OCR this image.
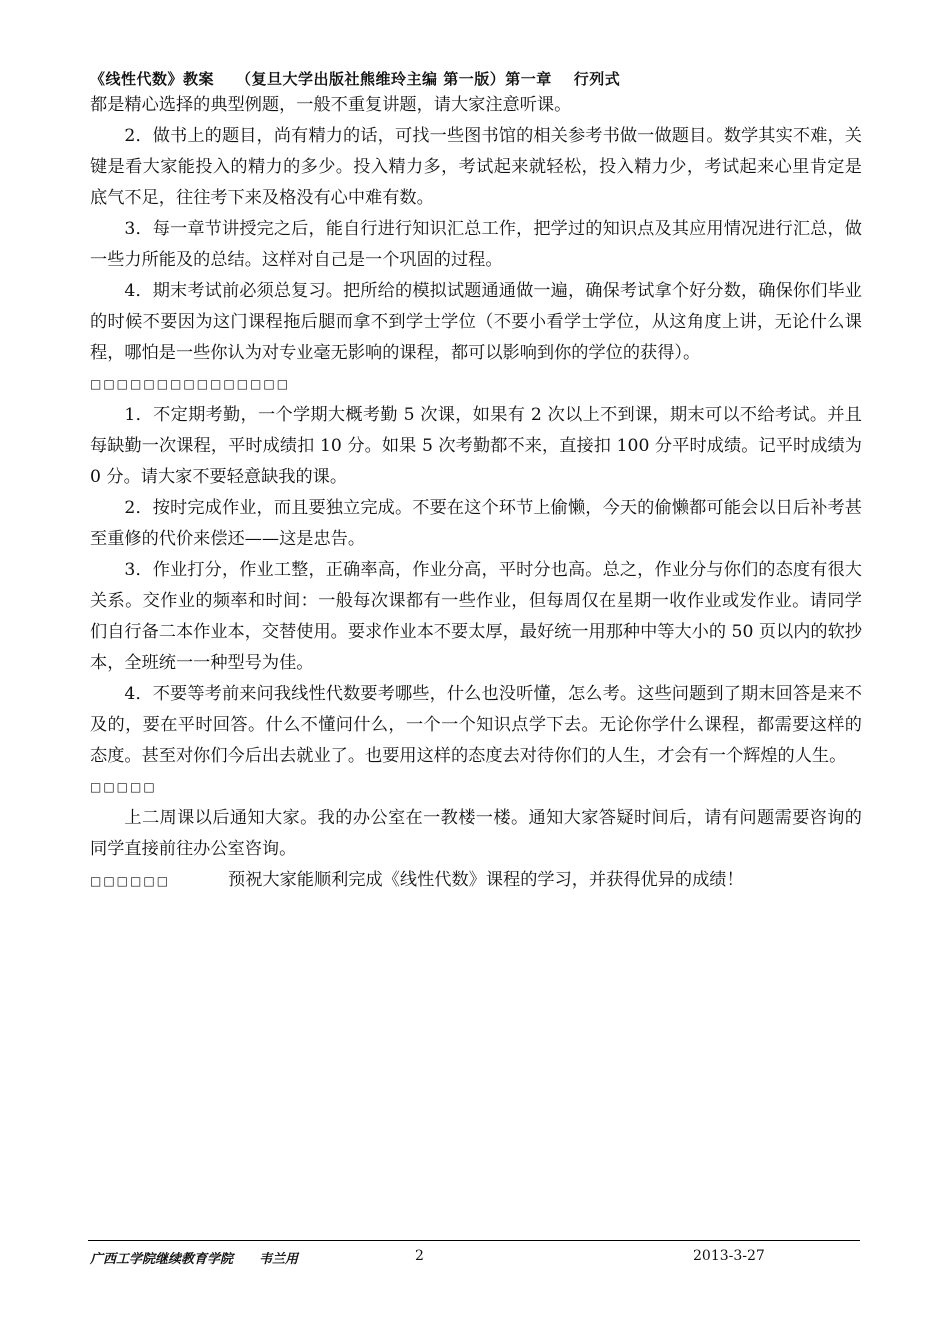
《线性代数》教案 （复旦大学出版社熊维玲主编 第一版）第一章 行列式

都是精心选择的典型例题，一般不重复讲题，请大家注意听课。

2．做书上的题目，尚有精力的话，可找一些图书馆的相关参考书做一做题目。数学其实不难，关键是看大家能投入的精力的多少。投入精力多，考试起来就轻松，投入精力少，考试起来心里肯定是底气不足，往往考下来及格没有心中难有数。

3．每一章节讲授完之后，能自行进行知识汇总工作，把学过的知识点及其应用情况进行汇总，做一些力所能及的总结。这样对自己是一个巩固的过程。

4．期末考试前必须总复习。把所给的模拟试题通通做一遍，确保考试拿个好分数，确保你们毕业的时候不要因为这门课程拖后腿而拿不到学士学位（不要小看学士学位，从这角度上讲，无论什么课程，哪怕是一些你认为对专业毫无影响的课程，都可以影响到你的学位的获得）。

□□□□□□□□□□□□□□□

1．不定期考勤，一个学期大概考勤 5 次课，如果有 2 次以上不到课，期末可以不给考试。并且每缺勤一次课程，平时成绩扣 10 分。如果 5 次考勤都不来，直接扣 100 分平时成绩。记平时成绩为 0 分。请大家不要轻意缺我的课。

2．按时完成作业，而且要独立完成。不要在这个环节上偷懒，今天的偷懒都可能会以日后补考甚至重修的代价来偿还——这是忠告。

3．作业打分，作业工整，正确率高，作业分高，平时分也高。总之，作业分与你们的态度有很大关系。交作业的频率和时间：一般每次课都有一些作业，但每周仅在星期一收作业或发作业。请同学们自行备二本作业本，交替使用。要求作业本不要太厚，最好统一用那种中等大小的 50 页以内的软抄本，全班统一一种型号为佳。

4．不要等考前来问我线性代数要考哪些，什么也没听懂，怎么考。这些问题到了期末回答是来不及的，要在平时回答。什么不懂问什么，一个一个知识点学下去。无论你学什么课程，都需要这样的态度。甚至对你们今后出去就业了。也要用这样的态度去对待你们的人生，才会有一个辉煌的人生。

□□□□□

上二周课以后通知大家。我的办公室在一教楼一楼。通知大家答疑时间后，请有问题需要咨询的同学直接前往办公室咨询。

□□□□□□	预祝大家能顺利完成《线性代数》课程的学习，并获得优异的成绩！

广西工学院继续教育学院　　韦兰用	2	2013-3-27
